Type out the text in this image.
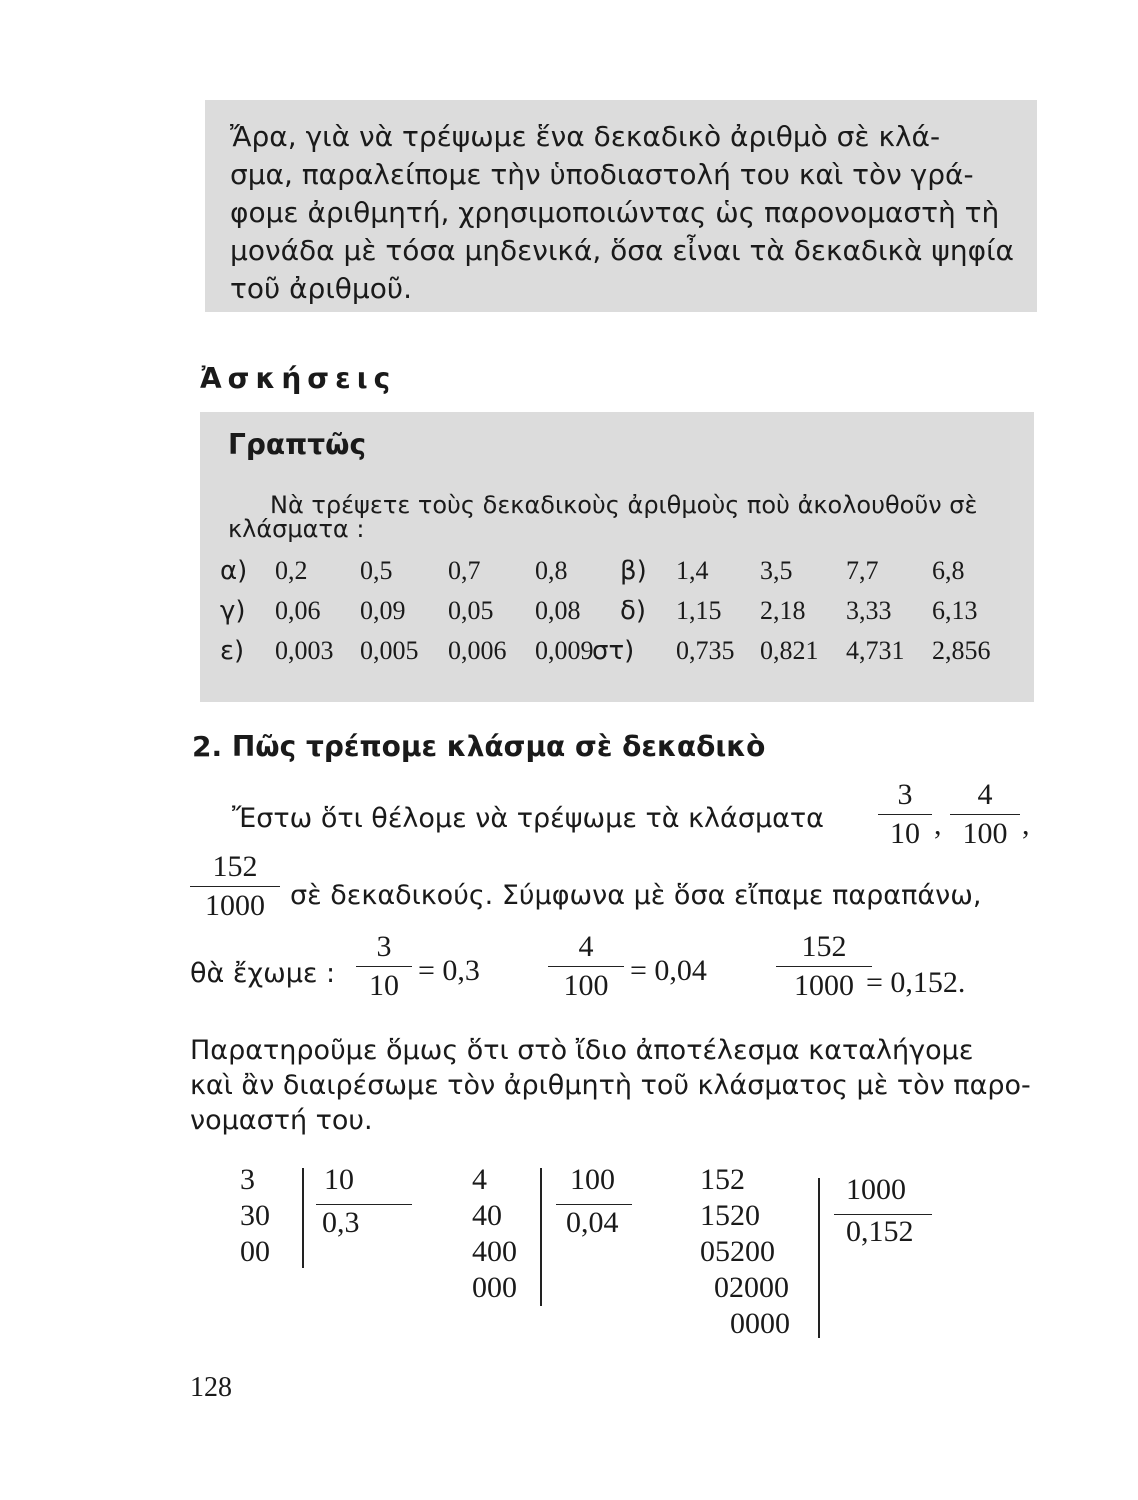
Ἄρα, γιὰ νὰ τρέψωμε ἕνα δεκαδικὸ ἀριθμὸ σὲ κλά-
σμα, παραλείπομε τὴν ὑποδιαστολή του καὶ τὸν γρά-
φομε ἀριθμητή, χρησιμοποιώντας ὡς παρονομαστὴ τὴ
μονάδα μὲ τόσα μηδενικά, ὅσα εἶναι τὰ δεκαδικὰ ψηφία
τοῦ ἀριθμοῦ.
Ἀσκήσεις
Γραπτῶς
Νὰ τρέψετε τοὺς δεκαδικοὺς ἀριθμοὺς ποὺ ἀκολουθοῦν σὲ
κλάσματα :
α) 0,2 0,5 0,7 0,8 β) 1,4 3,5 7,7 6,8
γ) 0,06 0,09 0,05 0,08 δ) 1,15 2,18 3,33 6,13
ε) 0,003 0,005 0,006 0,009
στ) 0,735 0,821 4,731 2,856
2. Πῶς τρέπομε κλάσμα σὲ δεκαδικὸ
Ἔστω ὅτι θέλομε νὰ τρέψωμε τὰ κλάσματα
3
10 ,
4
100 ,
152
1000 σὲ δεκαδικούς. Σύμφωνα μὲ ὅσα εἴπαμε παραπάνω,
θὰ ἔχωμε :
3
10 = 0,3
4
100 = 0,04
152
1000 = 0,152.
Παρατηροῦμε ὅμως ὅτι στὸ ἴδιο ἀποτέλεσμα καταλήγομε
καὶ ἂν διαιρέσωμε τὸν ἀριθμητὴ τοῦ κλάσματος μὲ τὸν παρο-
νομαστή του.
3
30
00
10
0,3
4
40
400
000
100
0,04
152
1520
05200
02000
0000
1000
0,152
128
